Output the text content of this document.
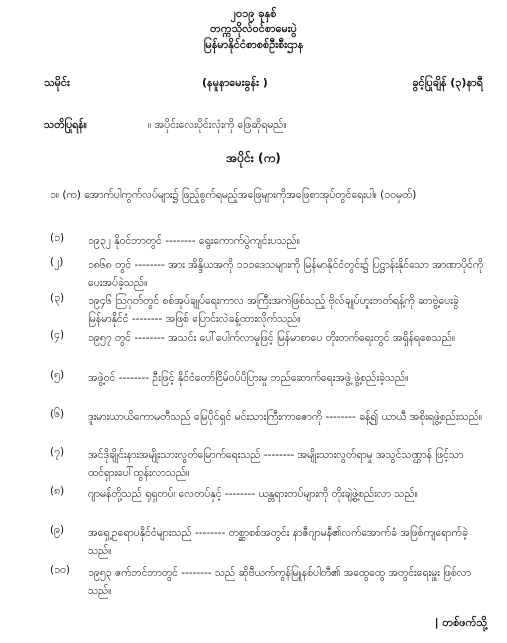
၂၀၁၉ ခုနှစ်
တက္ကသိုလ်ဝင်စာမေးပွဲ
မြန်မာနိုင်ငံစာစစ်ဦးစီးဌာန
သမိုင်း	(နမူနာမေးခွန်း )	ခွင့်ပြုချိန် (၃)နာရီ
သတိပြုရန်။	။ အပိုင်းလေးပိုင်းလုံးကို ဖြေဆိုရမည်။
အပိုင်း (က)
၁။ (က) အောက်ပါကွက်လပ်များ၌ ဖြည့်စွက်ရမည့်အဖြေများကိုအဖြေစာအုပ်တွင်ရေးပါ။ (၁၀မှတ်)
(၁)	၁၉၃၂ နိုဝင်ဘာတွင် -------- ရွေးကောက်ပွဲကျင်းပသည်။
(၂)	၁၈၆၈ တွင် -------- အား အိန္ဒိယအကို ၁၁၁ဒေသများကို မြန်မာနိုင်ငံတွင်း၌ ပြဋ္ဌာန်းနိုင်သော အာဏာပိုင်ကို ပေးအပ်ခဲ့သည်။
(၃)	၁၉၄၆ သြဂုတ်တွင် စစ်အုပ်ချုပ်ရေးကာလ အကြီးအကဲဖြစ်သည့် ဗိုလ်ချုပ်ဟူးဘတ်ရန့်ကို ဆာဗွဲ့ပေးခွဲ မြန်မာနိုင်ငံ -------- အဖြစ် ပြောင်းလဲခန့်ထားလိုက်သည်။
(၄)	၁၉၅၇ တွင် -------- အသင်း ပေါ်ပေါက်လာမှုဖြင့် မြန်မာစာပေ တိုးတက်ရေးတွင် အရှိန်ရစေသည်။
(၅)	အဖွဲ့ဝင် -------- ဦးဖြင့် နိုင်ငံတော်ငြိမ်ဝပ်ပိပြားမှု ဘည်ဆောက်ရေးအဖွဲ့ ဖွဲ့စည်းခဲ့သည်။
(၆)	ဒူးမားယာယိကောမတီသည် မြေပိုင်ရှင် မင်းသားကြီးကာဇောကို -------- ခန့်၍ ယာယီ အစိုးရဖွဲ့စည်းသည်။
(၇)	အင်ဒိုချိုင်းနားအမျိုးသားလွတ်မြောက်ရေးသည် -------- အမျိုးသားလွတ်ရာမှု အသွင်သဏ္ဌာန် ဖြင့်သာထင်ရှားပေါ်ထွန်းလာသည်။
(၈)	ဂျာမန်တို့သည် ရုရှတပ်၊ လေတပ်နှင့် -------- ယန္တရားတပ်များကို တိုးချဲ့ဖွဲ့စည်းလာ သည်။
(၉)	အရှေ့ဥရောပနိုင်ငံများသည် -------- တစ္ဆာစစ်အတွင်း နာဇီဂျာမနီ၏လက်အောက်ခံ အဖြစ်ကျရောက်ခဲ့သည်။
(၁၀)	၁၉၅၃ ဇက်ဘင်ဘာတွင် -------- သည် ဆိုဗီယက်ကွန်မြူနစ်ပါတီ၏ အထွေထွေ အတွင်းရေးမှူး ဖြစ်လာသည်။
| တစ်ဖက်သို့
